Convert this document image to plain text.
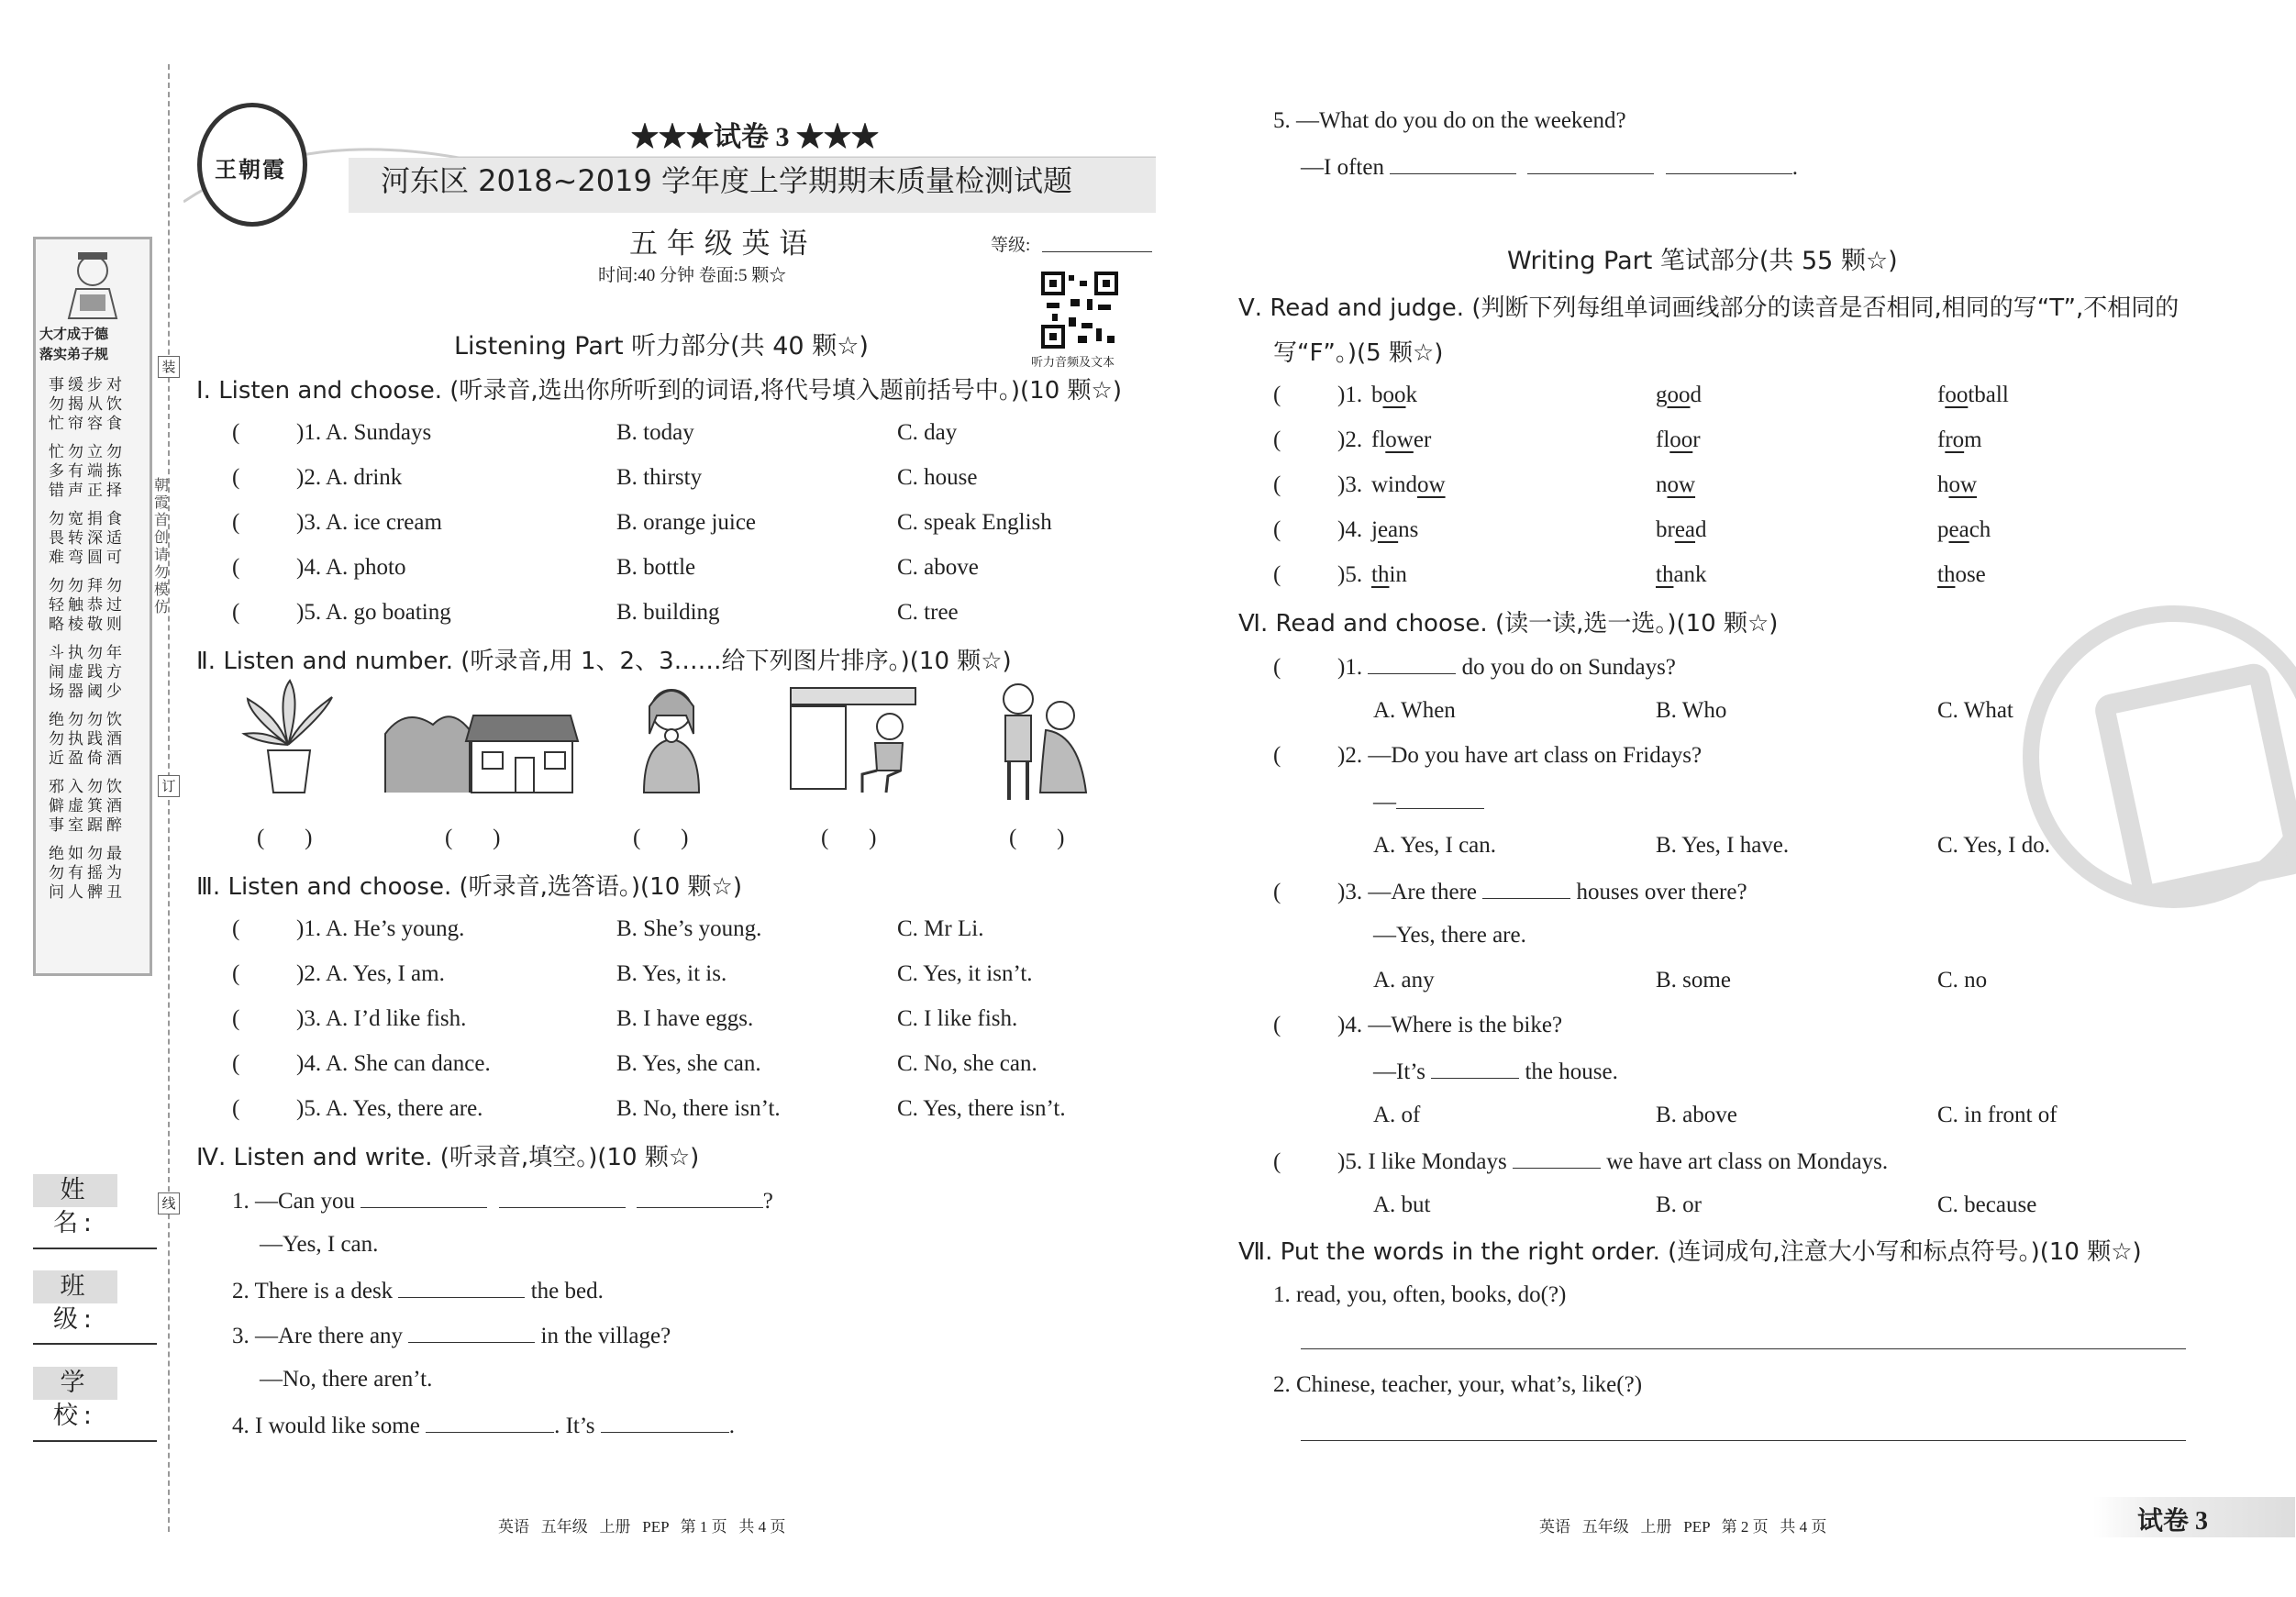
大才成于德
落实弟子规
事缓步对
勿揭从饮
忙帘容食
忙勿立勿
多有端拣
错声正择
勿宽捐食
畏转深适
难弯圆可
勿勿拜勿
轻触恭过
略棱敬则
斗执勿年
闹虚践方
场器阈少
绝勿勿饮
勿执践酒
近盈倚酒
邪入勿饮
僻虚箕酒
事室踞醉
绝如勿最
勿有摇为
问人髀丑
朝霞首创 请勿模仿
装
订
线
姓 名:
班 级:
学 校:
王朝霞
★★★试卷 3 ★★★
河东区 2018~2019 学年度上学期期末质量检测试题
五 年 级 英 语
时间:40 分钟 卷面:5 颗☆
等级:
听力音频及文本
Listening Part 听力部分(共 40 颗☆)
Ⅰ. Listen and choose. (听录音,选出你所听到的词语,将代号填入题前括号中。)(10 颗☆)
( )1. A. Sundays	B. today	C. day
( )2. A. drink	B. thirsty	C. house
( )3. A. ice cream	B. orange juice	C. speak English
( )4. A. photo	B. bottle	C. above
( )5. A. go boating	B. building	C. tree
Ⅱ. Listen and number. (听录音,用 1、2、3……给下列图片排序。)(10 颗☆)
(       )	(       )	(       )	(       )	(       )
Ⅲ. Listen and choose. (听录音,选答语。)(10 颗☆)
( )1. A. He’s young.	B. She’s young.	C. Mr Li.
( )2. A. Yes, I am.	B. Yes, it is.	C. Yes, it isn’t.
( )3. A. I’d like fish.	B. I have eggs.	C. I like fish.
( )4. A. She can dance.	B. Yes, she can.	C. No, she can.
( )5. A. Yes, there are.	B. No, there isn’t.	C. Yes, there isn’t.
Ⅳ. Listen and write. (听录音,填空。)(10 颗☆)
1. —Can you	?
—Yes, I can.
2. There is a desk	the bed.
3. —Are there any	in the village?
—No, there aren’t.
4. I would like some	. It’s	.
英语   五年级   上册   PEP   第 1 页   共 4 页
5. —What do you do on the weekend?
—I often	.
Writing Part 笔试部分(共 55 颗☆)
Ⅴ. Read and judge. (判断下列每组单词画线部分的读音是否相同,相同的写“T”,不相同的
写“F”。)(5 颗☆)
( )1. book	good	football
( )2. flower	floor	from
( )3. window	now	how
( )4. jeans	bread	peach
( )5. thin	thank	those
Ⅵ. Read and choose. (读一读,选一选。)(10 颗☆)
( )1.	do you do on Sundays?
A. When	B. Who	C. What
( )2. —Do you have art class on Fridays?
—
A. Yes, I can.	B. Yes, I have.	C. Yes, I do.
( )3. —Are there	houses over there?
—Yes, there are.
A. any	B. some	C. no
( )4. —Where is the bike?
—It’s	the house.
A. of	B. above	C. in front of
( )5. I like Mondays	we have art class on Mondays.
A. but	B. or	C. because
Ⅶ. Put the words in the right order. (连词成句,注意大小写和标点符号。)(10 颗☆)
1. read, you, often, books, do(?)
2. Chinese, teacher, your, what’s, like(?)
英语   五年级   上册   PEP   第 2 页   共 4 页	试卷 3
